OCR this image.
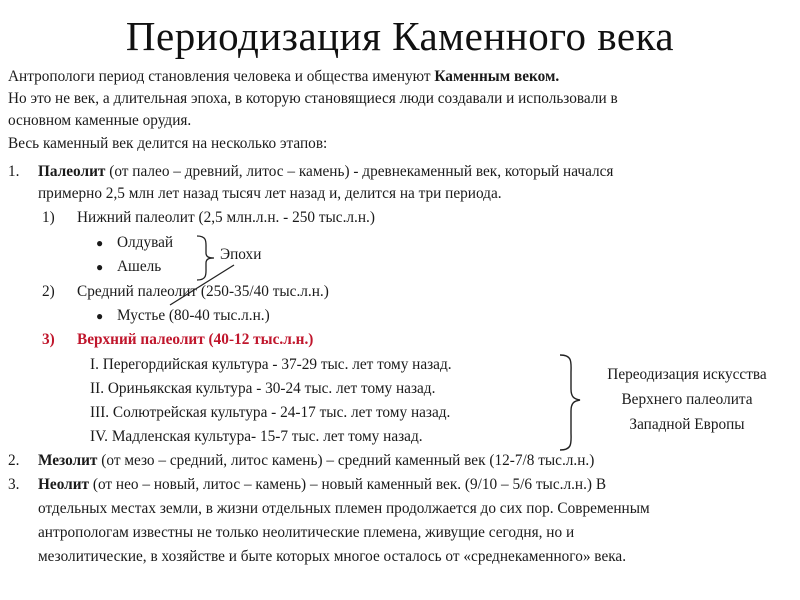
Периодизация Каменного века
Антропологи период становления человека и общества именуют Каменным веком.
Но это не век, а длительная эпоха, в которую становящиеся люди создавали и использовали в
основном каменные орудия.
Весь каменный век делится на несколько этапов:
1. Палеолит (от палео – древний, литос – камень) - древнекаменный век, который начался
примерно 2,5 млн лет назад тысяч лет назад и, делится на три периода.
1) Нижний палеолит (2,5 млн.л.н. - 250 тыс.л.н.)
● Олдувай
● Ашель
Эпохи
2) Средний палеолит (250-35/40 тыс.л.н.)
● Мустье (80-40 тыс.л.н.)
3) Верхний палеолит (40-12 тыс.л.н.)
I. Перегордийская культура - 37-29 тыс. лет тому назад.
II. Ориньякская культура - 30-24 тыс. лет тому назад.
III. Солютрейская культура - 24-17 тыс. лет тому назад.
IV. Мадленская культура- 15-7 тыс. лет тому назад.
Переодизация искусства
Верхнего палеолита
Западной Европы
2. Мезолит (от мезо – средний, литос камень) – средний каменный век (12-7/8 тыс.л.н.)
3. Неолит (от нео – новый, литос – камень) – новый каменный век. (9/10 – 5/6 тыс.л.н.) В
отдельных местах земли, в жизни отдельных племен продолжается до сих пор. Современным
антропологам известны не только неолитические племена, живущие сегодня, но и
мезолитические, в хозяйстве и быте которых многое осталось от «среднекаменного» века.
